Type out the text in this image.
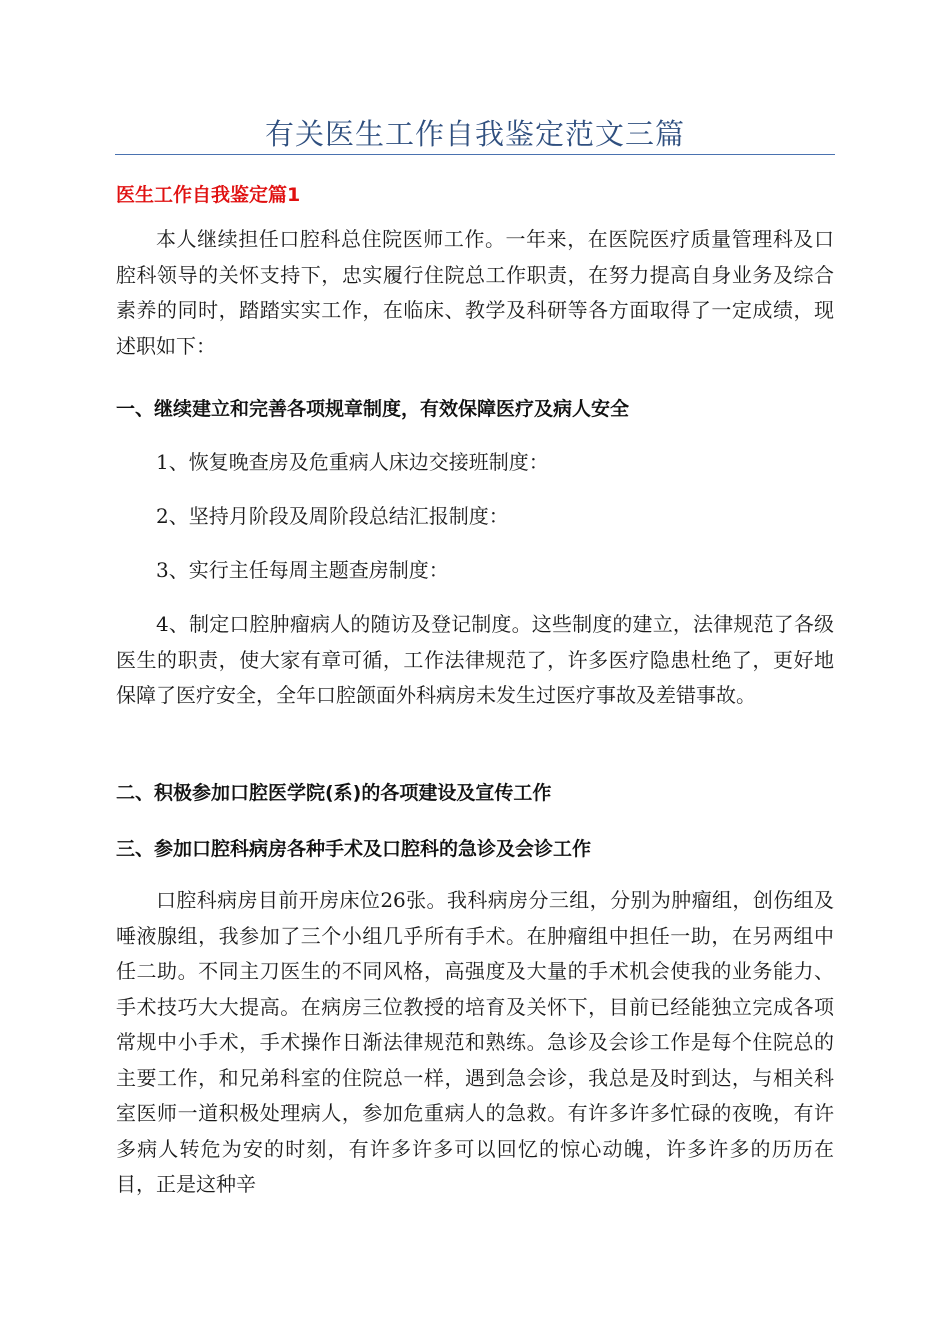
有关医生工作自我鉴定范文三篇
医生工作自我鉴定篇1

本人继续担任口腔科总住院医师工作。一年来，在医院医疗质量管理科及口腔科领导的关怀支持下，忠实履行住院总工作职责，在努力提高自身业务及综合素养的同时，踏踏实实工作，在临床、教学及科研等各方面取得了一定成绩，现述职如下：

一、继续建立和完善各项规章制度，有效保障医疗及病人安全
1、恢复晚查房及危重病人床边交接班制度：
2、坚持月阶段及周阶段总结汇报制度：
3、实行主任每周主题查房制度：

4、制定口腔肿瘤病人的随访及登记制度。这些制度的建立，法律规范了各级医生的职责，使大家有章可循，工作法律规范了，许多医疗隐患杜绝了，更好地保障了医疗安全，全年口腔颌面外科病房未发生过医疗事故及差错事故。

二、积极参加口腔医学院(系)的各项建设及宣传工作
三、参加口腔科病房各种手术及口腔科的急诊及会诊工作

口腔科病房目前开房床位26张。我科病房分三组，分别为肿瘤组，创伤组及唾液腺组，我参加了三个小组几乎所有手术。在肿瘤组中担任一助，在另两组中任二助。不同主刀医生的不同风格，高强度及大量的手术机会使我的业务能力、手术技巧大大提高。在病房三位教授的培育及关怀下，目前已经能独立完成各项常规中小手术，手术操作日渐法律规范和熟练。急诊及会诊工作是每个住院总的主要工作，和兄弟科室的住院总一样，遇到急会诊，我总是及时到达，与相关科室医师一道积极处理病人，参加危重病人的急救。有许多许多忙碌的夜晚，有许多病人转危为安的时刻，有许多许多可以回忆的惊心动魄，许多许多的历历在目，正是这种辛
